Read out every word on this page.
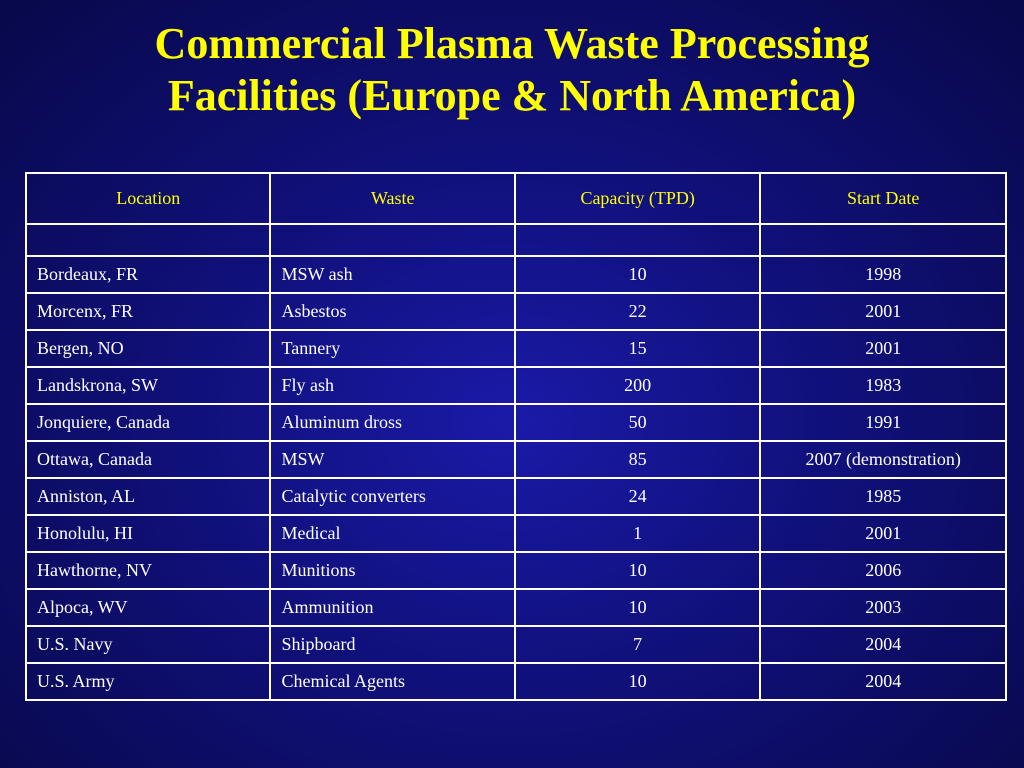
Commercial Plasma Waste Processing
Facilities (Europe & North America)
Location	Waste	Capacity (TPD)	Start Date

Bordeaux, FR	MSW ash	10	1998
Morcenx, FR	Asbestos	22	2001
Bergen, NO	Tannery	15	2001
Landskrona, SW	Fly ash	200	1983
Jonquiere, Canada	Aluminum dross	50	1991
Ottawa, Canada	MSW	85	2007 (demonstration)
Anniston, AL	Catalytic converters	24	1985
Honolulu, HI	Medical	1	2001
Hawthorne, NV	Munitions	10	2006
Alpoca, WV	Ammunition	10	2003
U.S. Navy	Shipboard	7	2004
U.S. Army	Chemical Agents	10	2004
